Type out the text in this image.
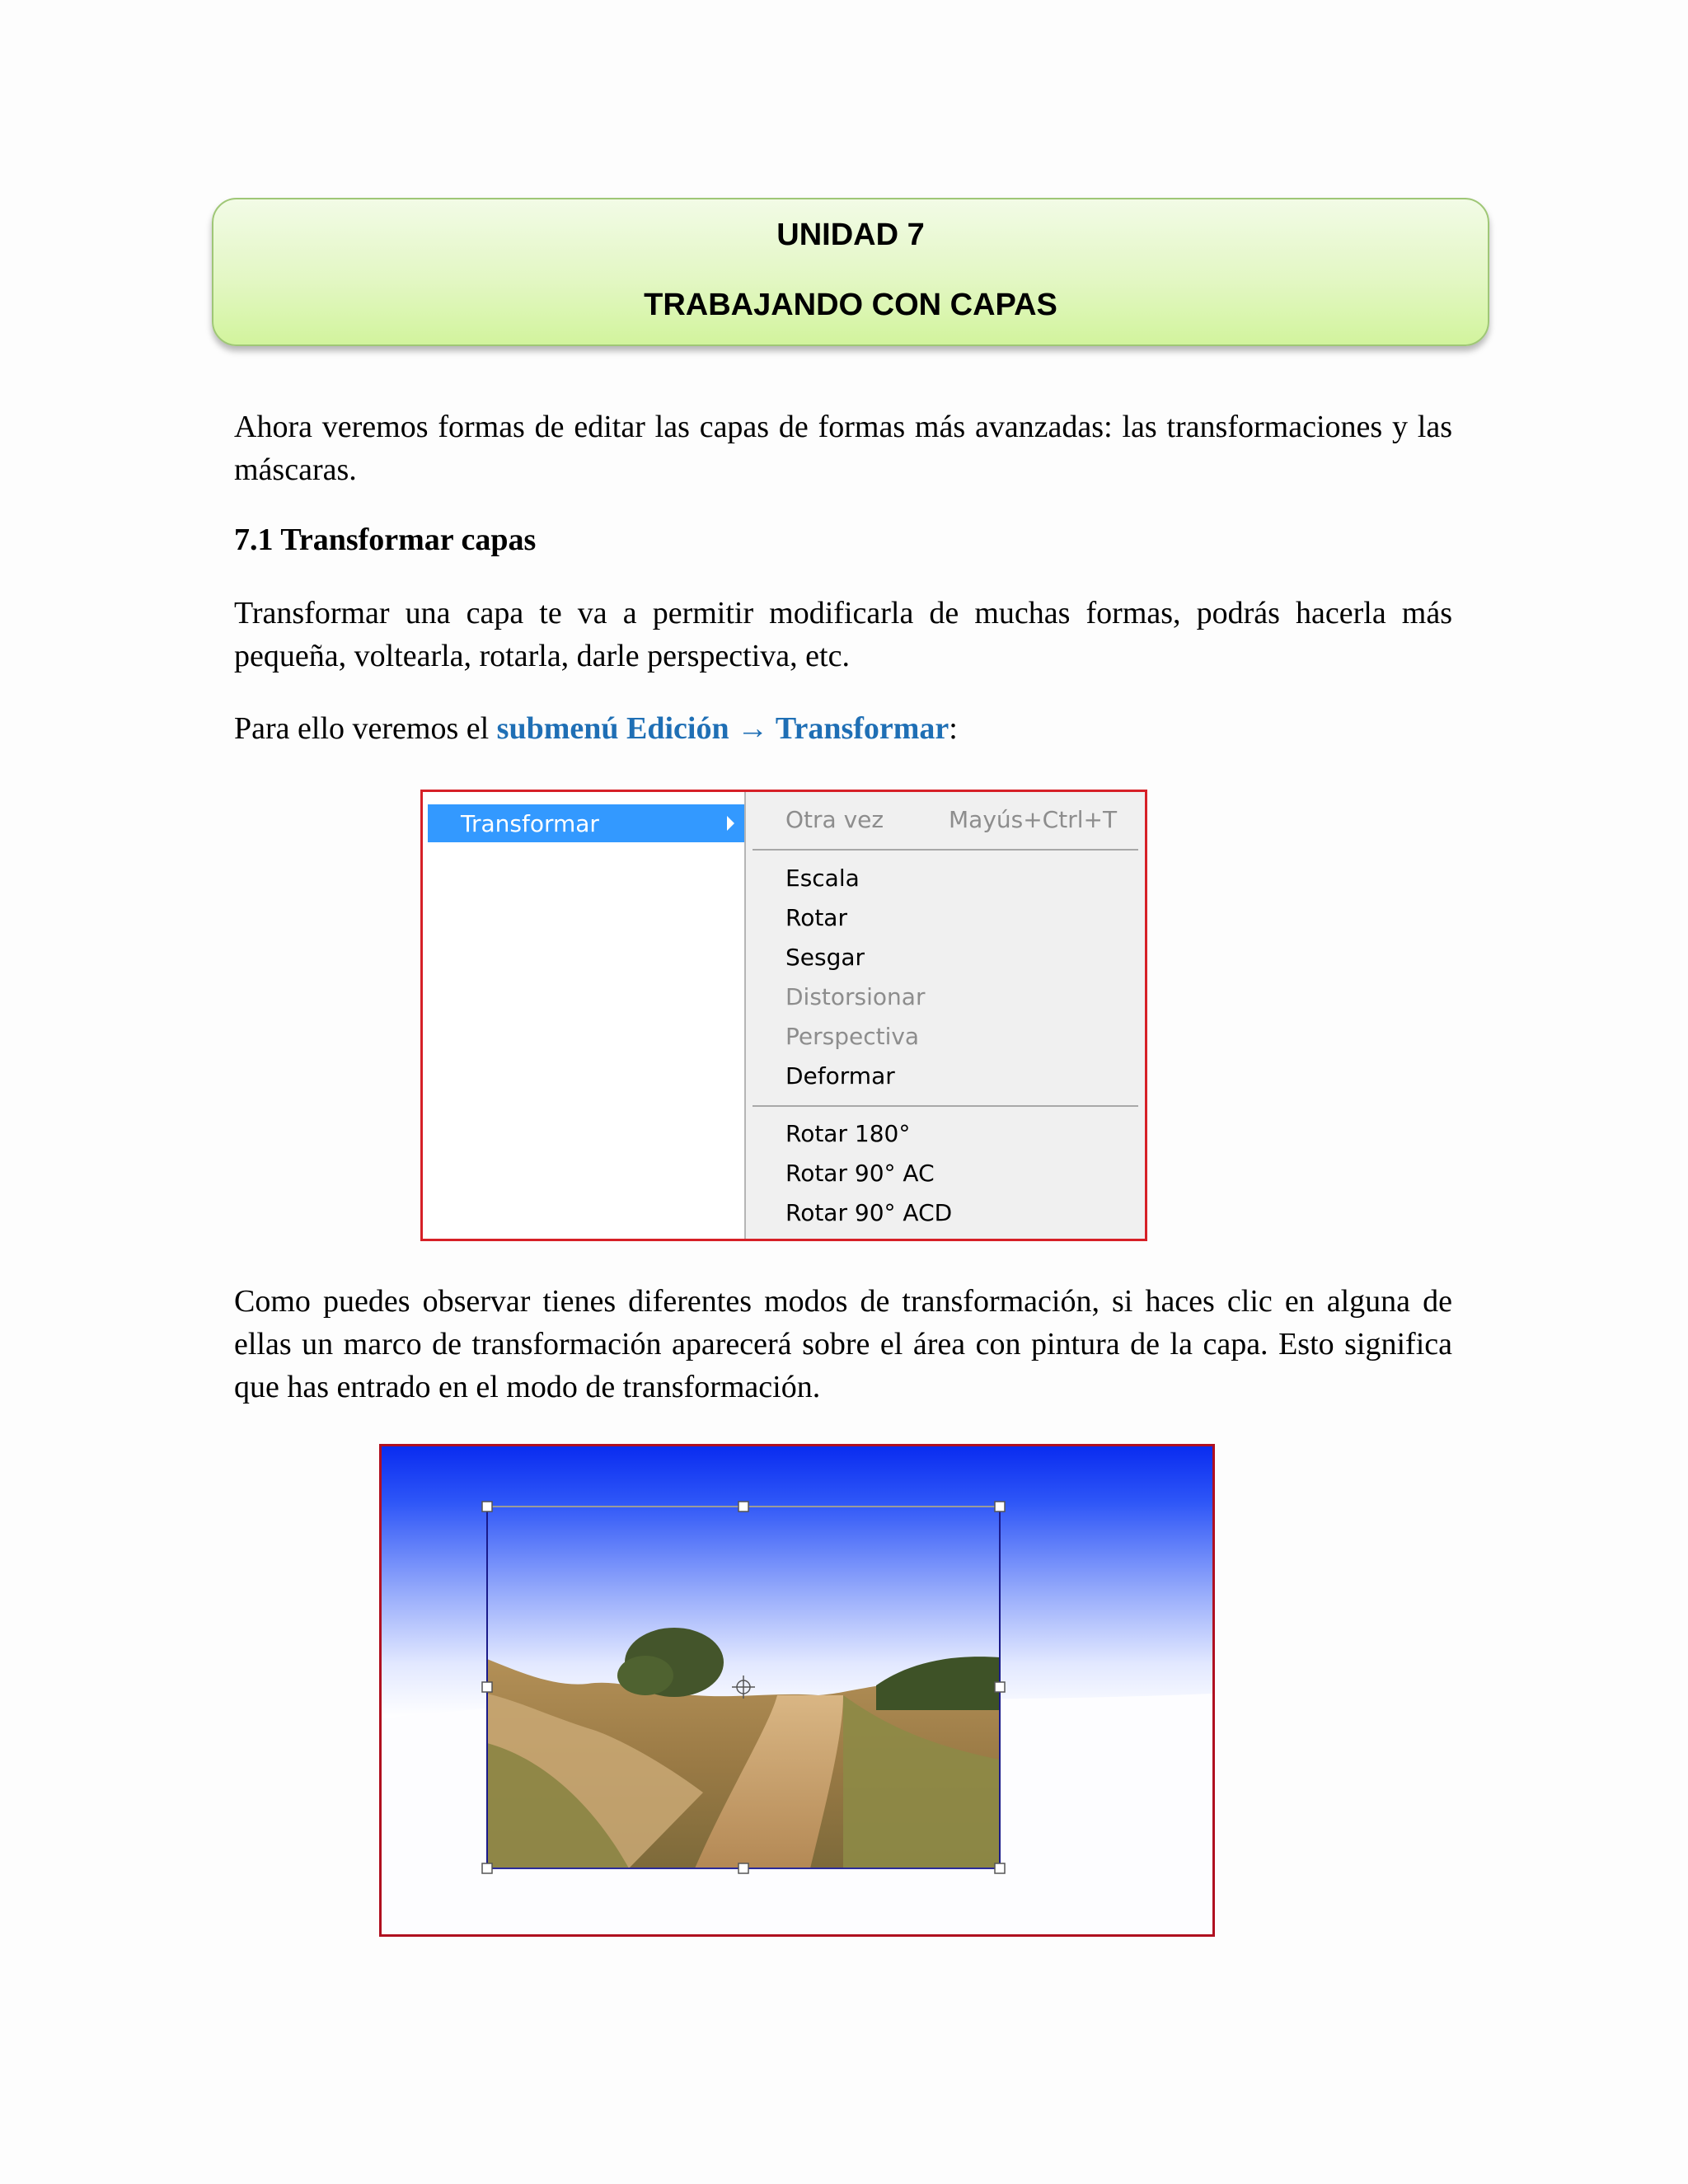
UNIDAD 7
TRABAJANDO CON CAPAS

Ahora veremos formas de editar las capas de formas más avanzadas: las transformaciones y las máscaras.

7.1 Transformar capas

Transformar una capa te va a permitir modificarla de muchas formas, podrás hacerla más pequeña, voltearla, rotarla, darle perspectiva, etc.

Para ello veremos el submenú Edición → Transformar:

Transformar	Otra vez	Mayús+Ctrl+T
Escala
Rotar
Sesgar
Distorsionar
Perspectiva
Deformar
Rotar 180°
Rotar 90° AC
Rotar 90° ACD

Como puedes observar tienes diferentes modos de transformación, si haces clic en alguna de ellas un marco de transformación aparecerá sobre el área con pintura de la capa. Esto significa que has entrado en el modo de transformación.
